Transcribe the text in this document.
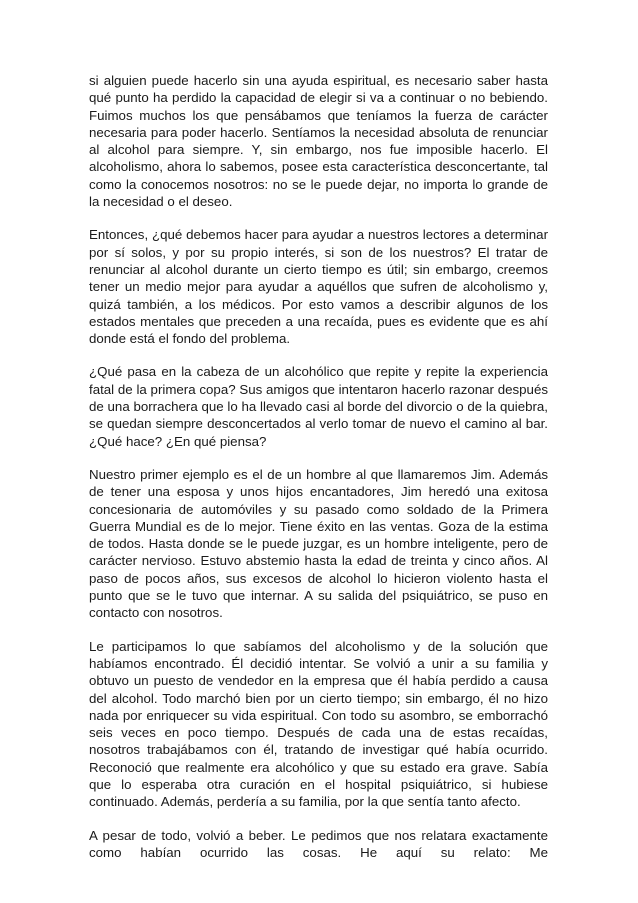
si alguien puede hacerlo sin una ayuda espiritual, es necesario saber hasta qué punto ha perdido la capacidad de elegir si va a continuar o no bebiendo. Fuimos muchos los que pensábamos que teníamos la fuerza de carácter necesaria para poder hacerlo. Sentíamos la necesidad absoluta de renunciar al alcohol para siempre. Y, sin embargo, nos fue imposible hacerlo. El alcoholismo, ahora lo sabemos, posee esta característica desconcertante, tal como la conocemos nosotros: no se le puede dejar, no importa lo grande de la necesidad o el deseo.

Entonces, ¿qué debemos hacer para ayudar a nuestros lectores a determinar por sí solos, y por su propio interés, si son de los nuestros? El tratar de renunciar al alcohol durante un cierto tiempo es útil; sin embargo, creemos tener un medio mejor para ayudar a aquéllos que sufren de alcoholismo y, quizá también, a los médicos. Por esto vamos a describir algunos de los estados mentales que preceden a una recaída, pues es evidente que es ahí donde está el fondo del problema.

¿Qué pasa en la cabeza de un alcohólico que repite y repite la experiencia fatal de la primera copa? Sus amigos que intentaron hacerlo razonar después de una borrachera que lo ha llevado casi al borde del divorcio o de la quiebra, se quedan siempre desconcertados al verlo tomar de nuevo el camino al bar. ¿Qué hace? ¿En qué piensa?

Nuestro primer ejemplo es el de un hombre al que llamaremos Jim. Además de tener una esposa y unos hijos encantadores, Jim heredó una exitosa concesionaria de automóviles y su pasado como soldado de la Primera Guerra Mundial es de lo mejor. Tiene éxito en las ventas. Goza de la estima de todos. Hasta donde se le puede juzgar, es un hombre inteligente, pero de carácter nervioso. Estuvo abstemio hasta la edad de treinta y cinco años. Al paso de pocos años, sus excesos de alcohol lo hicieron violento hasta el punto que se le tuvo que internar. A su salida del psiquiátrico, se puso en contacto con nosotros.

Le participamos lo que sabíamos del alcoholismo y de la solución que habíamos encontrado. Él decidió intentar. Se volvió a unir a su familia y obtuvo un puesto de vendedor en la empresa que él había perdido a causa del alcohol. Todo marchó bien por un cierto tiempo; sin embargo, él no hizo nada por enriquecer su vida espiritual. Con todo su asombro, se emborrachó seis veces en poco tiempo. Después de cada una de estas recaídas, nosotros trabajábamos con él, tratando de investigar qué había ocurrido. Reconoció que realmente era alcohólico y que su estado era grave. Sabía que lo esperaba otra curación en el hospital psiquiátrico, si hubiese continuado. Además, perdería a su familia, por la que sentía tanto afecto.

A pesar de todo, volvió a beber. Le pedimos que nos relatara exactamente como habían ocurrido las cosas. He aquí su relato: Me
